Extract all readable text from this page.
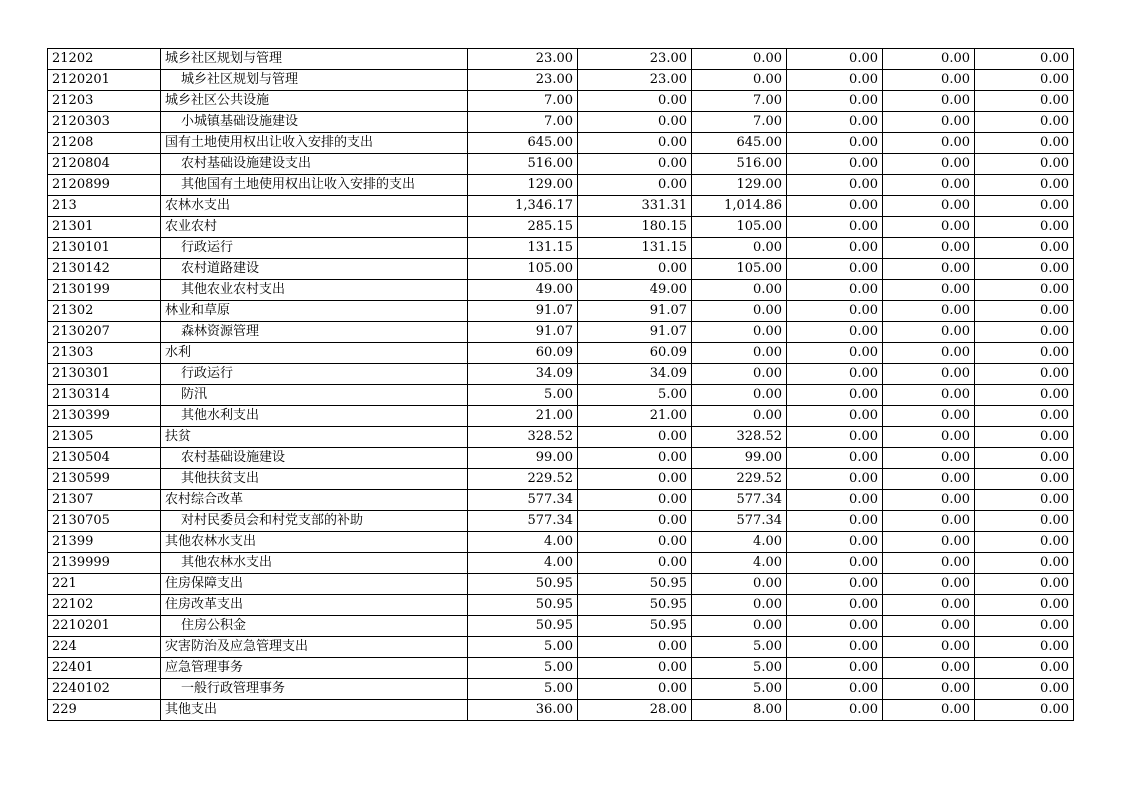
21202	城乡社区规划与管理	23.00	23.00	0.00	0.00	0.00	0.00
2120201	城乡社区规划与管理	23.00	23.00	0.00	0.00	0.00	0.00
21203	城乡社区公共设施	7.00	0.00	7.00	0.00	0.00	0.00
2120303	小城镇基础设施建设	7.00	0.00	7.00	0.00	0.00	0.00
21208	国有土地使用权出让收入安排的支出	645.00	0.00	645.00	0.00	0.00	0.00
2120804	农村基础设施建设支出	516.00	0.00	516.00	0.00	0.00	0.00
2120899	其他国有土地使用权出让收入安排的支出	129.00	0.00	129.00	0.00	0.00	0.00
213	农林水支出	1,346.17	331.31	1,014.86	0.00	0.00	0.00
21301	农业农村	285.15	180.15	105.00	0.00	0.00	0.00
2130101	行政运行	131.15	131.15	0.00	0.00	0.00	0.00
2130142	农村道路建设	105.00	0.00	105.00	0.00	0.00	0.00
2130199	其他农业农村支出	49.00	49.00	0.00	0.00	0.00	0.00
21302	林业和草原	91.07	91.07	0.00	0.00	0.00	0.00
2130207	森林资源管理	91.07	91.07	0.00	0.00	0.00	0.00
21303	水利	60.09	60.09	0.00	0.00	0.00	0.00
2130301	行政运行	34.09	34.09	0.00	0.00	0.00	0.00
2130314	防汛	5.00	5.00	0.00	0.00	0.00	0.00
2130399	其他水利支出	21.00	21.00	0.00	0.00	0.00	0.00
21305	扶贫	328.52	0.00	328.52	0.00	0.00	0.00
2130504	农村基础设施建设	99.00	0.00	99.00	0.00	0.00	0.00
2130599	其他扶贫支出	229.52	0.00	229.52	0.00	0.00	0.00
21307	农村综合改革	577.34	0.00	577.34	0.00	0.00	0.00
2130705	对村民委员会和村党支部的补助	577.34	0.00	577.34	0.00	0.00	0.00
21399	其他农林水支出	4.00	0.00	4.00	0.00	0.00	0.00
2139999	其他农林水支出	4.00	0.00	4.00	0.00	0.00	0.00
221	住房保障支出	50.95	50.95	0.00	0.00	0.00	0.00
22102	住房改革支出	50.95	50.95	0.00	0.00	0.00	0.00
2210201	住房公积金	50.95	50.95	0.00	0.00	0.00	0.00
224	灾害防治及应急管理支出	5.00	0.00	5.00	0.00	0.00	0.00
22401	应急管理事务	5.00	0.00	5.00	0.00	0.00	0.00
2240102	一般行政管理事务	5.00	0.00	5.00	0.00	0.00	0.00
229	其他支出	36.00	28.00	8.00	0.00	0.00	0.00
